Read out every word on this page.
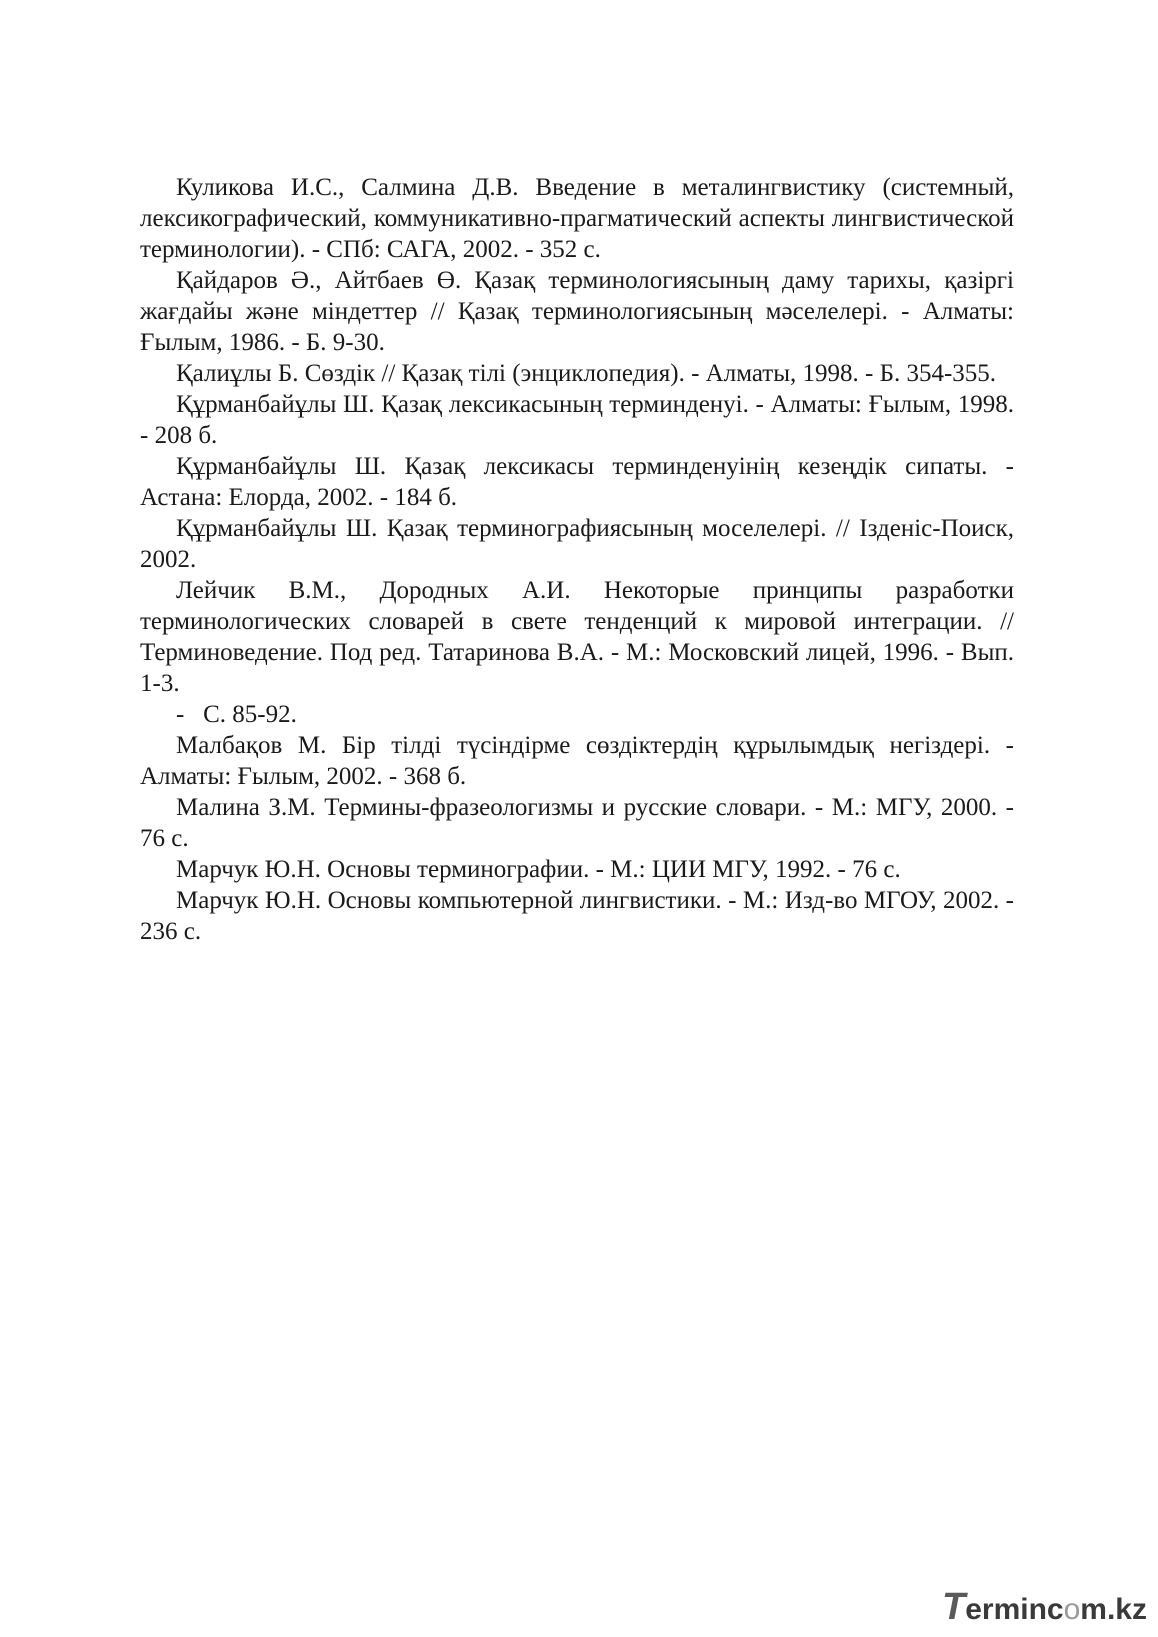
Куликова И.С., Салмина Д.В. Введение в металингвистику (системный, лексикографический, коммуникативно-прагматический аспекты лингвистической терминологии). - СПб: САГА, 2002. - 352 с.

Қайдаров Ә., Айтбаев Ө. Қазақ терминологиясының даму тарихы, қазіргі жағдайы және міндеттер // Қазақ терминологиясының мәселелері. - Алматы: Ғылым, 1986. - Б. 9-30.

Қалиұлы Б. Сөздік // Қазақ тілі (энциклопедия). - Алматы, 1998. - Б. 354-355.

Құрманбайұлы Ш. Қазақ лексикасының терминденуі. - Алматы: Ғылым, 1998. - 208 б.

Құрманбайұлы Ш. Қазақ лексикасы терминденуінің кезеңдік сипаты. - Астана: Елорда, 2002. - 184 б.

Құрманбайұлы Ш. Қазақ терминографиясының моселелері. // Ізденіс-Поиск, 2002.

Лейчик В.М., Дородных А.И. Некоторые принципы разработки терминологических словарей в свете тенденций к мировой интеграции. // Терминоведение. Под ред. Татаринова В.А. - М.: Московский лицей, 1996. - Вып. 1-3.

-   С. 85-92.

Малбақов М. Бір тілді түсіндірме сөздіктердің құрылымдық негіздері. - Алматы: Ғылым, 2002. - 368 б.

Малина З.М. Термины-фразеологизмы и русские словари. - М.: МГУ, 2000. - 76 с.

Марчук Ю.Н. Основы терминографии. - М.: ЦИИ МГУ, 1992. - 76 с.

Марчук Ю.Н. Основы компьютерной лингвистики. - М.: Изд-во МГОУ, 2002. - 236 с.

Termincom.kz
